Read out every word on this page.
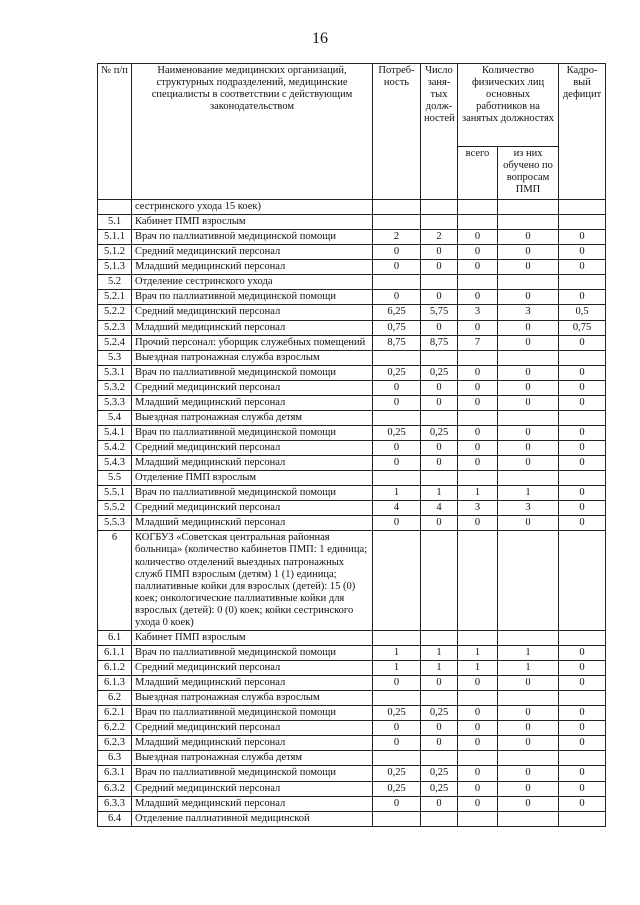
16
№ п/п	Наименование медицинских организаций, структурных подразделений, медицинские специалисты в соответствии с действующим законодательством	Потреб-ность	Число заня-тых долж-ностей	Количество физических лиц основных работников на занятых должностях		Кадро-вый дефицит
				всего	из них обучено по вопросам ПМП	
	сестринского ухода 15 коек)					
5.1	Кабинет ПМП взрослым					
5.1.1	Врач по паллиативной медицинской помощи	2	2	0	0	0
5.1.2	Средний медицинский персонал	0	0	0	0	0
5.1.3	Младший медицинский персонал	0	0	0	0	0
5.2	Отделение сестринского ухода					
5.2.1	Врач по паллиативной медицинской помощи	0	0	0	0	0
5.2.2	Средний медицинский персонал	6,25	5,75	3	3	0,5
5.2.3	Младший медицинский персонал	0,75	0	0	0	0,75
5.2.4	Прочий персонал: уборщик служебных помещений	8,75	8,75	7	0	0
5.3	Выездная патронажная служба взрослым					
5.3.1	Врач по паллиативной медицинской помощи	0,25	0,25	0	0	0
5.3.2	Средний медицинский персонал	0	0	0	0	0
5.3.3	Младший медицинский персонал	0	0	0	0	0
5.4	Выездная патронажная служба детям					
5.4.1	Врач по паллиативной медицинской помощи	0,25	0,25	0	0	0
5.4.2	Средний медицинский персонал	0	0	0	0	0
5.4.3	Младший медицинский персонал	0	0	0	0	0
5.5	Отделение ПМП взрослым					
5.5.1	Врач по паллиативной медицинской помощи	1	1	1	1	0
5.5.2	Средний медицинский персонал	4	4	3	3	0
5.5.3	Младший медицинский персонал	0	0	0	0	0
6	КОГБУЗ «Советская центральная районная больница» (количество кабинетов ПМП: 1 единица; количество отделений выездных патронажных служб ПМП взрослым (детям) 1 (1) единица; паллиативные койки для взрослых (детей): 15 (0) коек; онкологические паллиативные койки для взрослых (детей): 0 (0) коек; койки сестринского ухода 0 коек)					
6.1	Кабинет ПМП взрослым					
6.1.1	Врач по паллиативной медицинской помощи	1	1	1	1	0
6.1.2	Средний медицинский персонал	1	1	1	1	0
6.1.3	Младший медицинский персонал	0	0	0	0	0
6.2	Выездная патронажная служба взрослым					
6.2.1	Врач по паллиативной медицинской помощи	0,25	0,25	0	0	0
6.2.2	Средний медицинский персонал	0	0	0	0	0
6.2.3	Младший медицинский персонал	0	0	0	0	0
6.3	Выездная патронажная служба детям					
6.3.1	Врач по паллиативной медицинской помощи	0,25	0,25	0	0	0
6.3.2	Средний медицинский персонал	0,25	0,25	0	0	0
6.3.3	Младший медицинский персонал	0	0	0	0	0
6.4	Отделение паллиативной медицинской					
